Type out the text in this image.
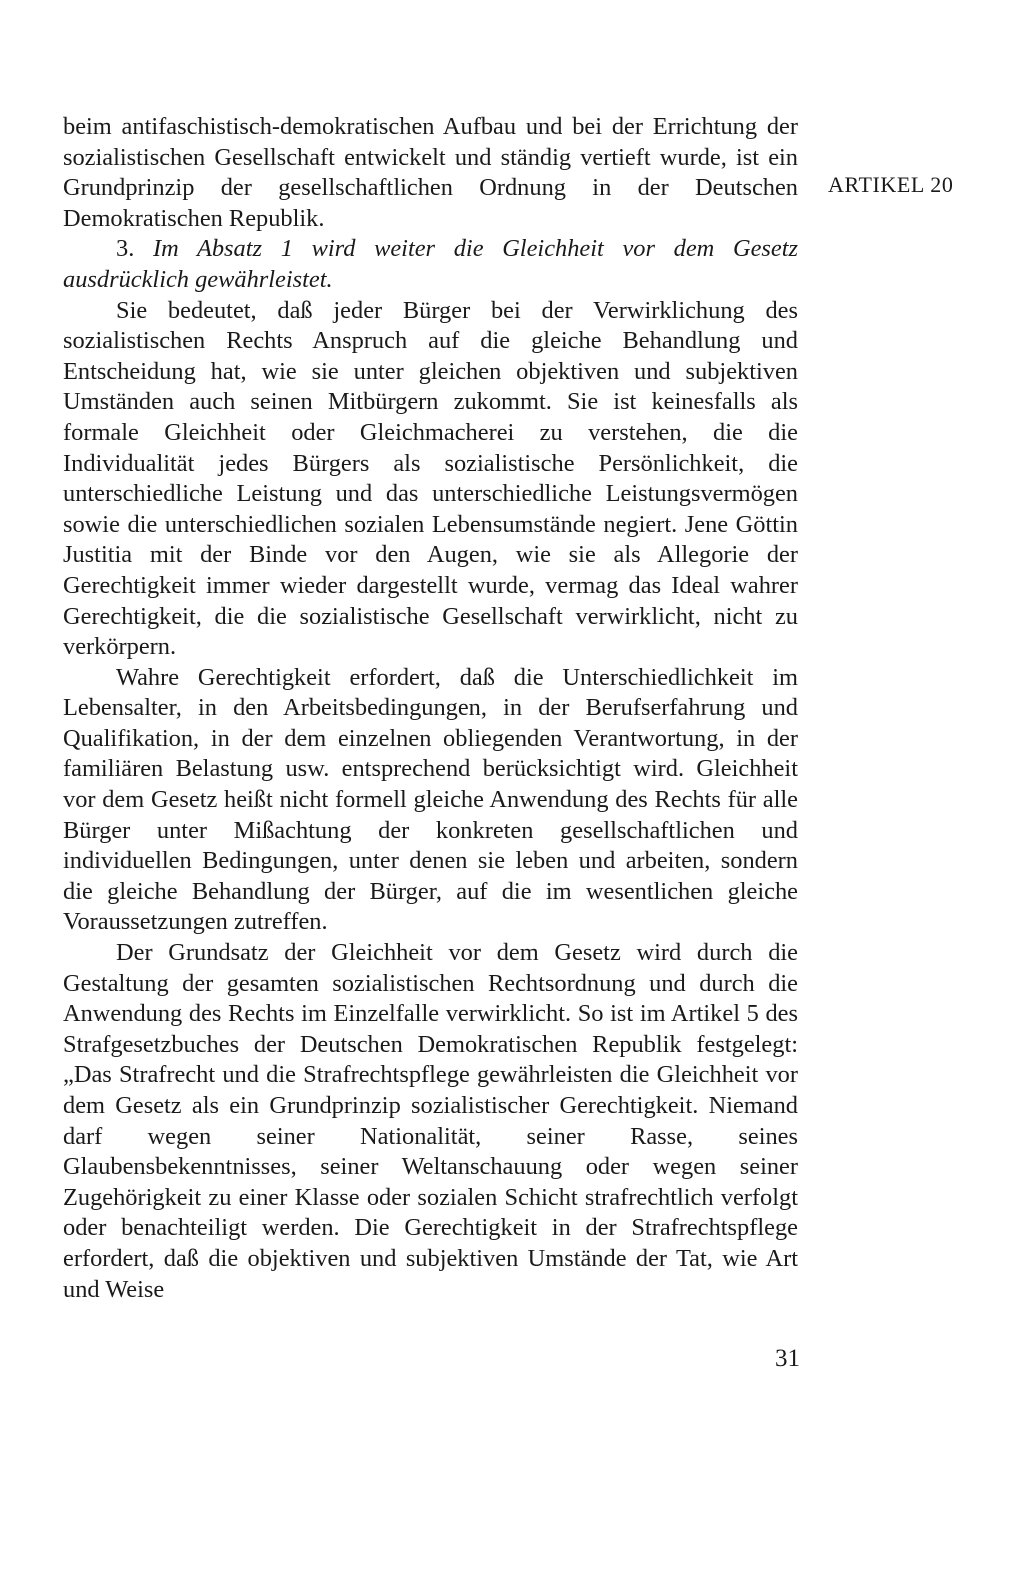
beim antifaschistisch-demokratischen Aufbau und bei der Errichtung der sozialistischen Gesellschaft entwickelt und ständig vertieft wurde, ist ein Grundprinzip der gesellschaftlichen Ordnung in der Deutschen Demokratischen Republik.

3. Im Absatz 1 wird weiter die Gleichheit vor dem Gesetz ausdrücklich gewährleistet.

Sie bedeutet, daß jeder Bürger bei der Verwirklichung des sozialistischen Rechts Anspruch auf die gleiche Behandlung und Entscheidung hat, wie sie unter gleichen objektiven und subjektiven Umständen auch seinen Mitbürgern zukommt. Sie ist keinesfalls als formale Gleichheit oder Gleichmacherei zu verstehen, die die Individualität jedes Bürgers als sozialistische Persönlichkeit, die unterschiedliche Leistung und das unterschiedliche Leistungsvermögen sowie die unterschiedlichen sozialen Lebensumstände negiert. Jene Göttin Justitia mit der Binde vor den Augen, wie sie als Allegorie der Gerechtigkeit immer wieder dargestellt wurde, vermag das Ideal wahrer Gerechtigkeit, die die sozialistische Gesellschaft verwirklicht, nicht zu verkörpern.

Wahre Gerechtigkeit erfordert, daß die Unterschiedlichkeit im Lebensalter, in den Arbeitsbedingungen, in der Berufserfahrung und Qualifikation, in der dem einzelnen obliegenden Verantwortung, in der familiären Belastung usw. entsprechend berücksichtigt wird. Gleichheit vor dem Gesetz heißt nicht formell gleiche Anwendung des Rechts für alle Bürger unter Mißachtung der konkreten gesellschaftlichen und individuellen Bedingungen, unter denen sie leben und arbeiten, sondern die gleiche Behandlung der Bürger, auf die im wesentlichen gleiche Voraussetzungen zutreffen.

Der Grundsatz der Gleichheit vor dem Gesetz wird durch die Gestaltung der gesamten sozialistischen Rechtsordnung und durch die Anwendung des Rechts im Einzelfalle verwirklicht. So ist im Artikel 5 des Strafgesetzbuches der Deutschen Demokratischen Republik festgelegt: „Das Strafrecht und die Strafrechtspflege gewährleisten die Gleichheit vor dem Gesetz als ein Grundprinzip sozialistischer Gerechtigkeit. Niemand darf wegen seiner Nationalität, seiner Rasse, seines Glaubensbekenntnisses, seiner Weltanschauung oder wegen seiner Zugehörigkeit zu einer Klasse oder sozialen Schicht strafrechtlich verfolgt oder benachteiligt werden. Die Gerechtigkeit in der Strafrechtspflege erfordert, daß die objektiven und subjektiven Umstände der Tat, wie Art und Weise

ARTIKEL 20
31
